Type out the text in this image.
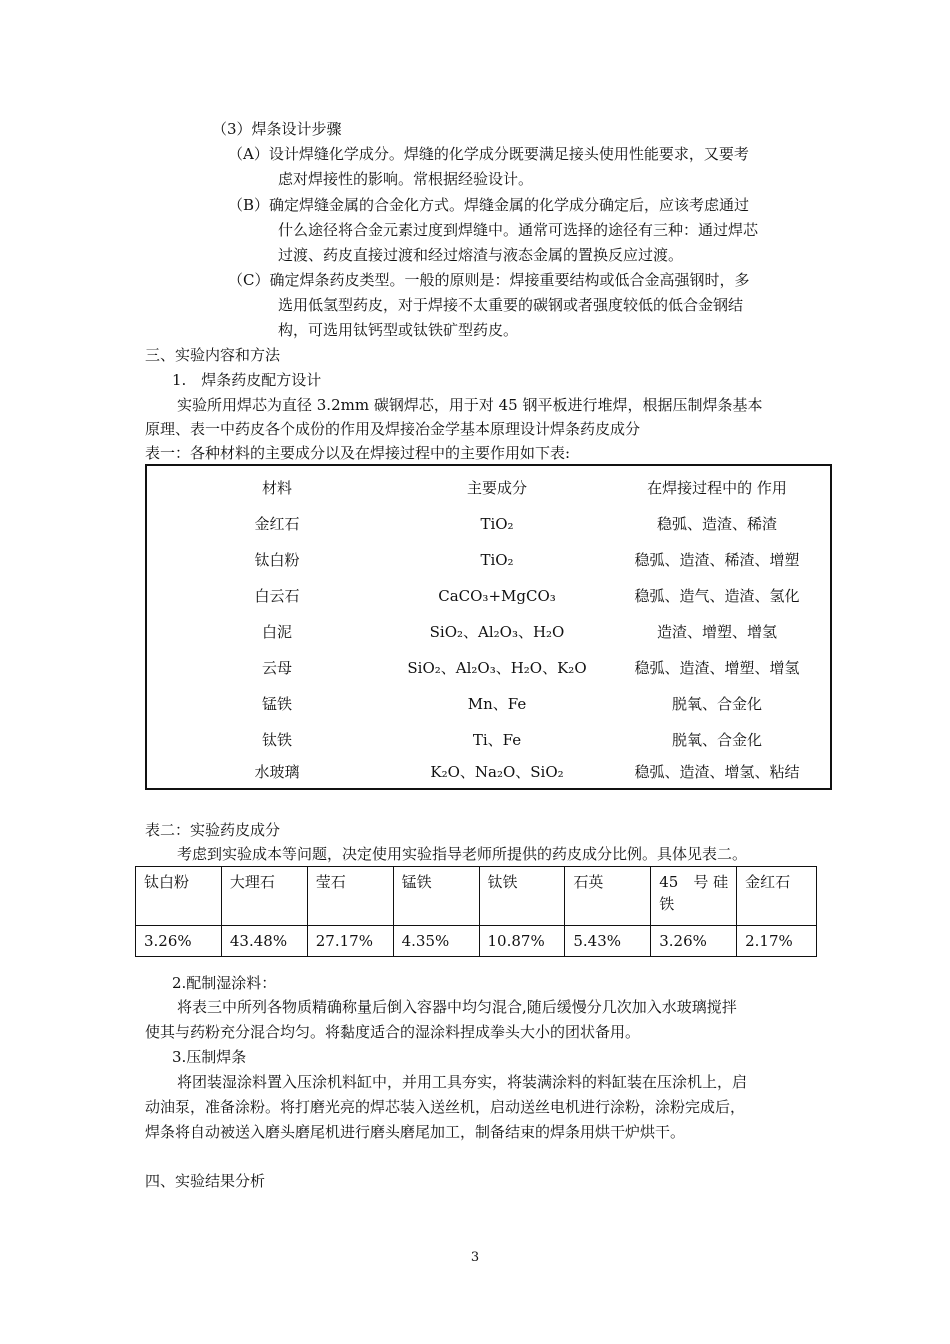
（3）焊条设计步骤
（A）设计焊缝化学成分。焊缝的化学成分既要满足接头使用性能要求，又要考
虑对焊接性的影响。常根据经验设计。
（B）确定焊缝金属的合金化方式。焊缝金属的化学成分确定后，应该考虑通过
什么途径将合金元素过度到焊缝中。通常可选择的途径有三种：通过焊芯
过渡、药皮直接过渡和经过熔渣与液态金属的置换反应过渡。
（C）确定焊条药皮类型。一般的原则是：焊接重要结构或低合金高强钢时，多
选用低氢型药皮，对于焊接不太重要的碳钢或者强度较低的低合金钢结
构，可选用钛钙型或钛铁矿型药皮。
三、实验内容和方法
1.　焊条药皮配方设计
实验所用焊芯为直径 3.2mm 碳钢焊芯，用于对 45 钢平板进行堆焊，根据压制焊条基本
原理、表一中药皮各个成份的作用及焊接冶金学基本原理设计焊条药皮成分
表一：各种材料的主要成分以及在焊接过程中的主要作用如下表:
材料	主要成分	在焊接过程中的 作用
金红石	TiO₂	稳弧、造渣、稀渣
钛白粉	TiO₂	稳弧、造渣、稀渣、增塑
白云石	CaCO₃+MgCO₃	稳弧、造气、造渣、氢化
白泥	SiO₂、Al₂O₃、H₂O	造渣、增塑、增氢
云母	SiO₂、Al₂O₃、H₂O、K₂O	稳弧、造渣、增塑、增氢
锰铁	Mn、Fe	脱氧、合金化
钛铁	Ti、Fe	脱氧、合金化
水玻璃	K₂O、Na₂O、SiO₂	稳弧、造渣、增氢、粘结
表二：实验药皮成分
考虑到实验成本等问题，决定使用实验指导老师所提供的药皮成分比例。具体见表二。
钛白粉	大理石	莹石	锰铁	钛铁	石英	45　号 硅 铁	金红石
3.26%	43.48%	27.17%	4.35%	10.87%	5.43%	3.26%	2.17%
2.配制湿涂料：
将表三中所列各物质精确称量后倒入容器中均匀混合,随后缓慢分几次加入水玻璃搅拌
使其与药粉充分混合均匀。将黏度适合的湿涂料捏成拳头大小的团状备用。
3.压制焊条
将团装湿涂料置入压涂机料缸中，并用工具夯实，将装满涂料的料缸装在压涂机上，启
动油泵，准备涂粉。将打磨光亮的焊芯装入送丝机，启动送丝电机进行涂粉，涂粉完成后，
焊条将自动被送入磨头磨尾机进行磨头磨尾加工，制备结束的焊条用烘干炉烘干。
四、实验结果分析
3
